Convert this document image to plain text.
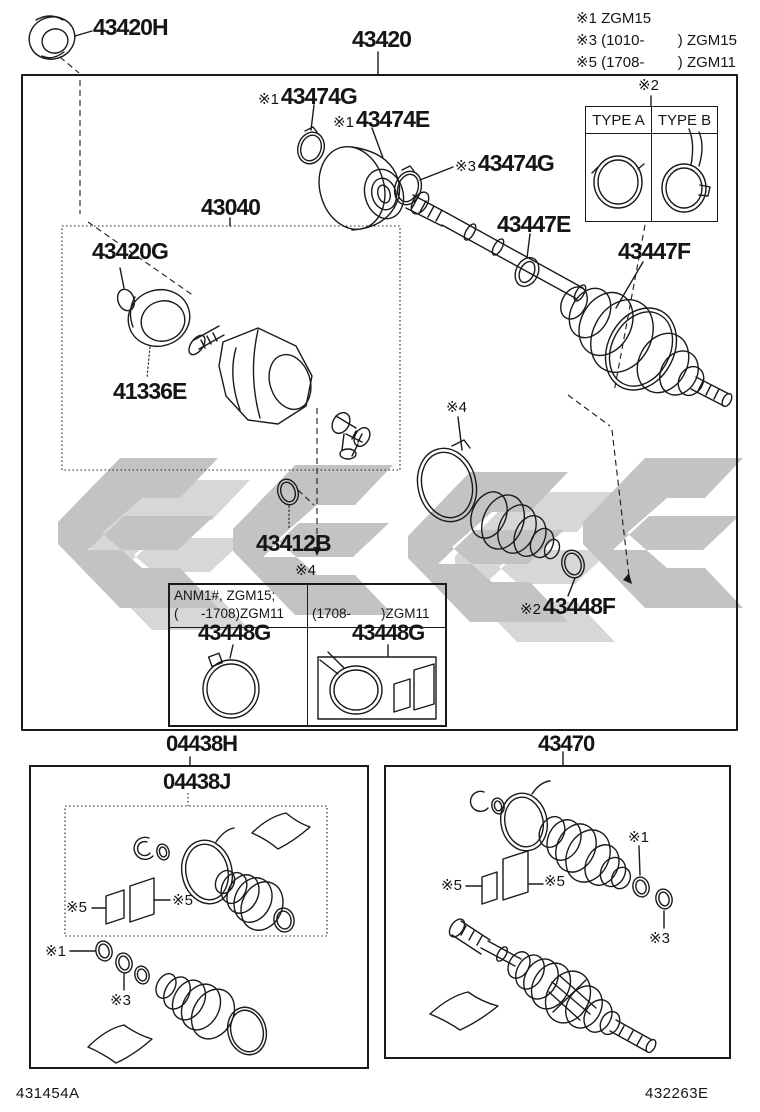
※1 ZGM15
※3 (1010-        ) ZGM15
※5 (1708-        ) ZGM11
43420H	43420
※143474G
※143474E
※343474G
43447E
43447F
43040
43420G
41336E
43412B
※243448F
04438H
04438J
43470
※2
※4
※4
※5	※5
※1
※3
※1
※5	※5
※3
TYPE A TYPE B
ANM1#, ZGM15;
(      -1708)ZGM11	(1708-        )ZGM11
43448G	43448G
431454A	432263E
